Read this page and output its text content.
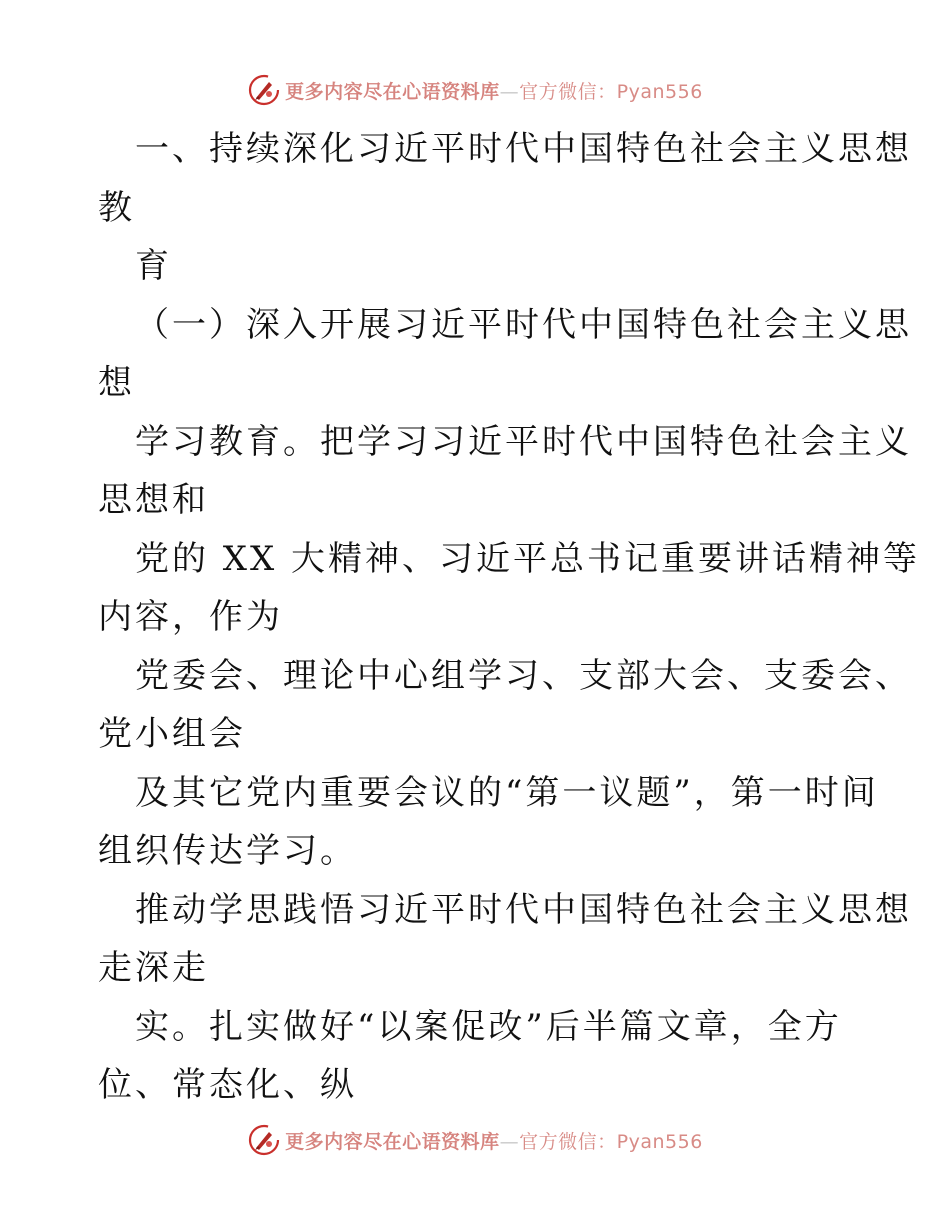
更多内容尽在心语资料库—官方微信：Pyan556
一、持续深化习近平时代中国特色社会主义思想
教
育
（一）深入开展习近平时代中国特色社会主义思
想
学习教育。把学习习近平时代中国特色社会主义
思想和
党的 XX 大精神、习近平总书记重要讲话精神等
内容，作为
党委会、理论中心组学习、支部大会、支委会、
党小组会
及其它党内重要会议的“第一议题”，第一时间
组织传达学习。
推动学思践悟习近平时代中国特色社会主义思想
走深走
实。扎实做好“以案促改”后半篇文章，全方
位、常态化、纵
更多内容尽在心语资料库—官方微信：Pyan556
